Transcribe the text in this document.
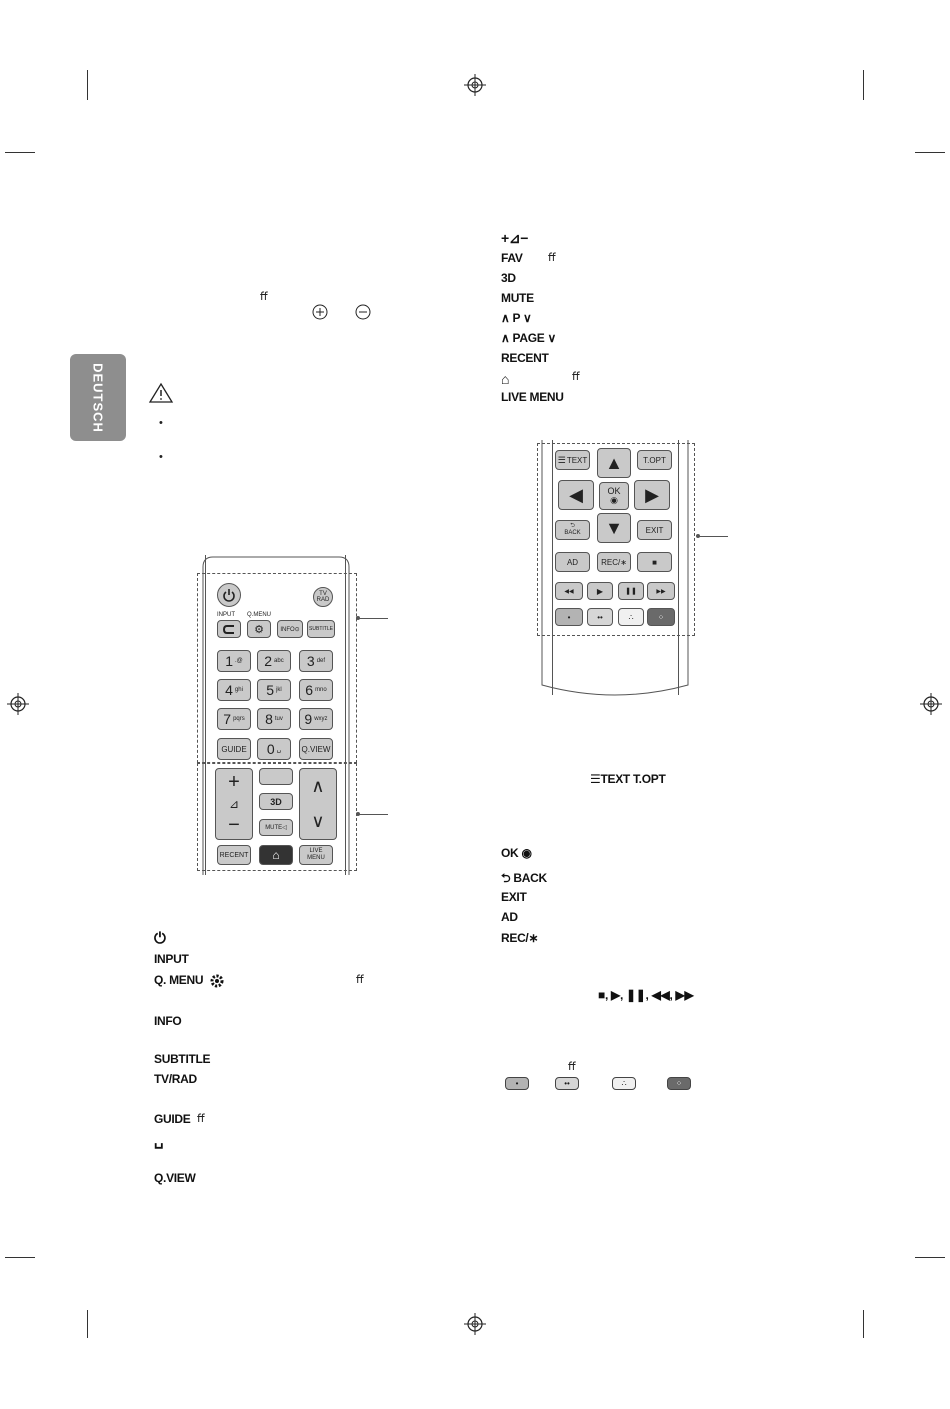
DEUTSCH
ﬀ
•
•
TV
RAD
INPUT Q.MENU
⚙	INFO⊙	SUBTITLE
GUIDE	0 ␣	Q.VIEW
+
⊿
−
3D
MUTE◁
∧
∨
RECENT ⌂	LIVE
MENU
1 .@ 2 abc 3 def
4 ghi 5 jkl 6 mno
7 pqrs 8 tuv 9 wxyz
ﬀ
ﬀ
ﬀ
ﬀ
☰ TEXT ▲	T.OPT
◀	OK
◉ ▶
⮌
BACK ▼	EXIT
AD	REC/∗	■
◀◀	▶	❚❚	▶▶
•	••	∴	⁘
☰TEXT T.OPT
OK ◉
⮌ BACK
EXIT
AD
REC/∗
■, ▶, ❚❚, ◀◀, ▶▶
ﬀ
•	••	∴	⁘
⏻
INPUT
Q. MENU
INFO
SUBTITLE
TV/RAD
GUIDE
␣
Q.VIEW
+⊿−
FAV
3D
MUTE
∧ P ∨
∧ PAGE ∨
RECENT
⌂
LIVE MENU
